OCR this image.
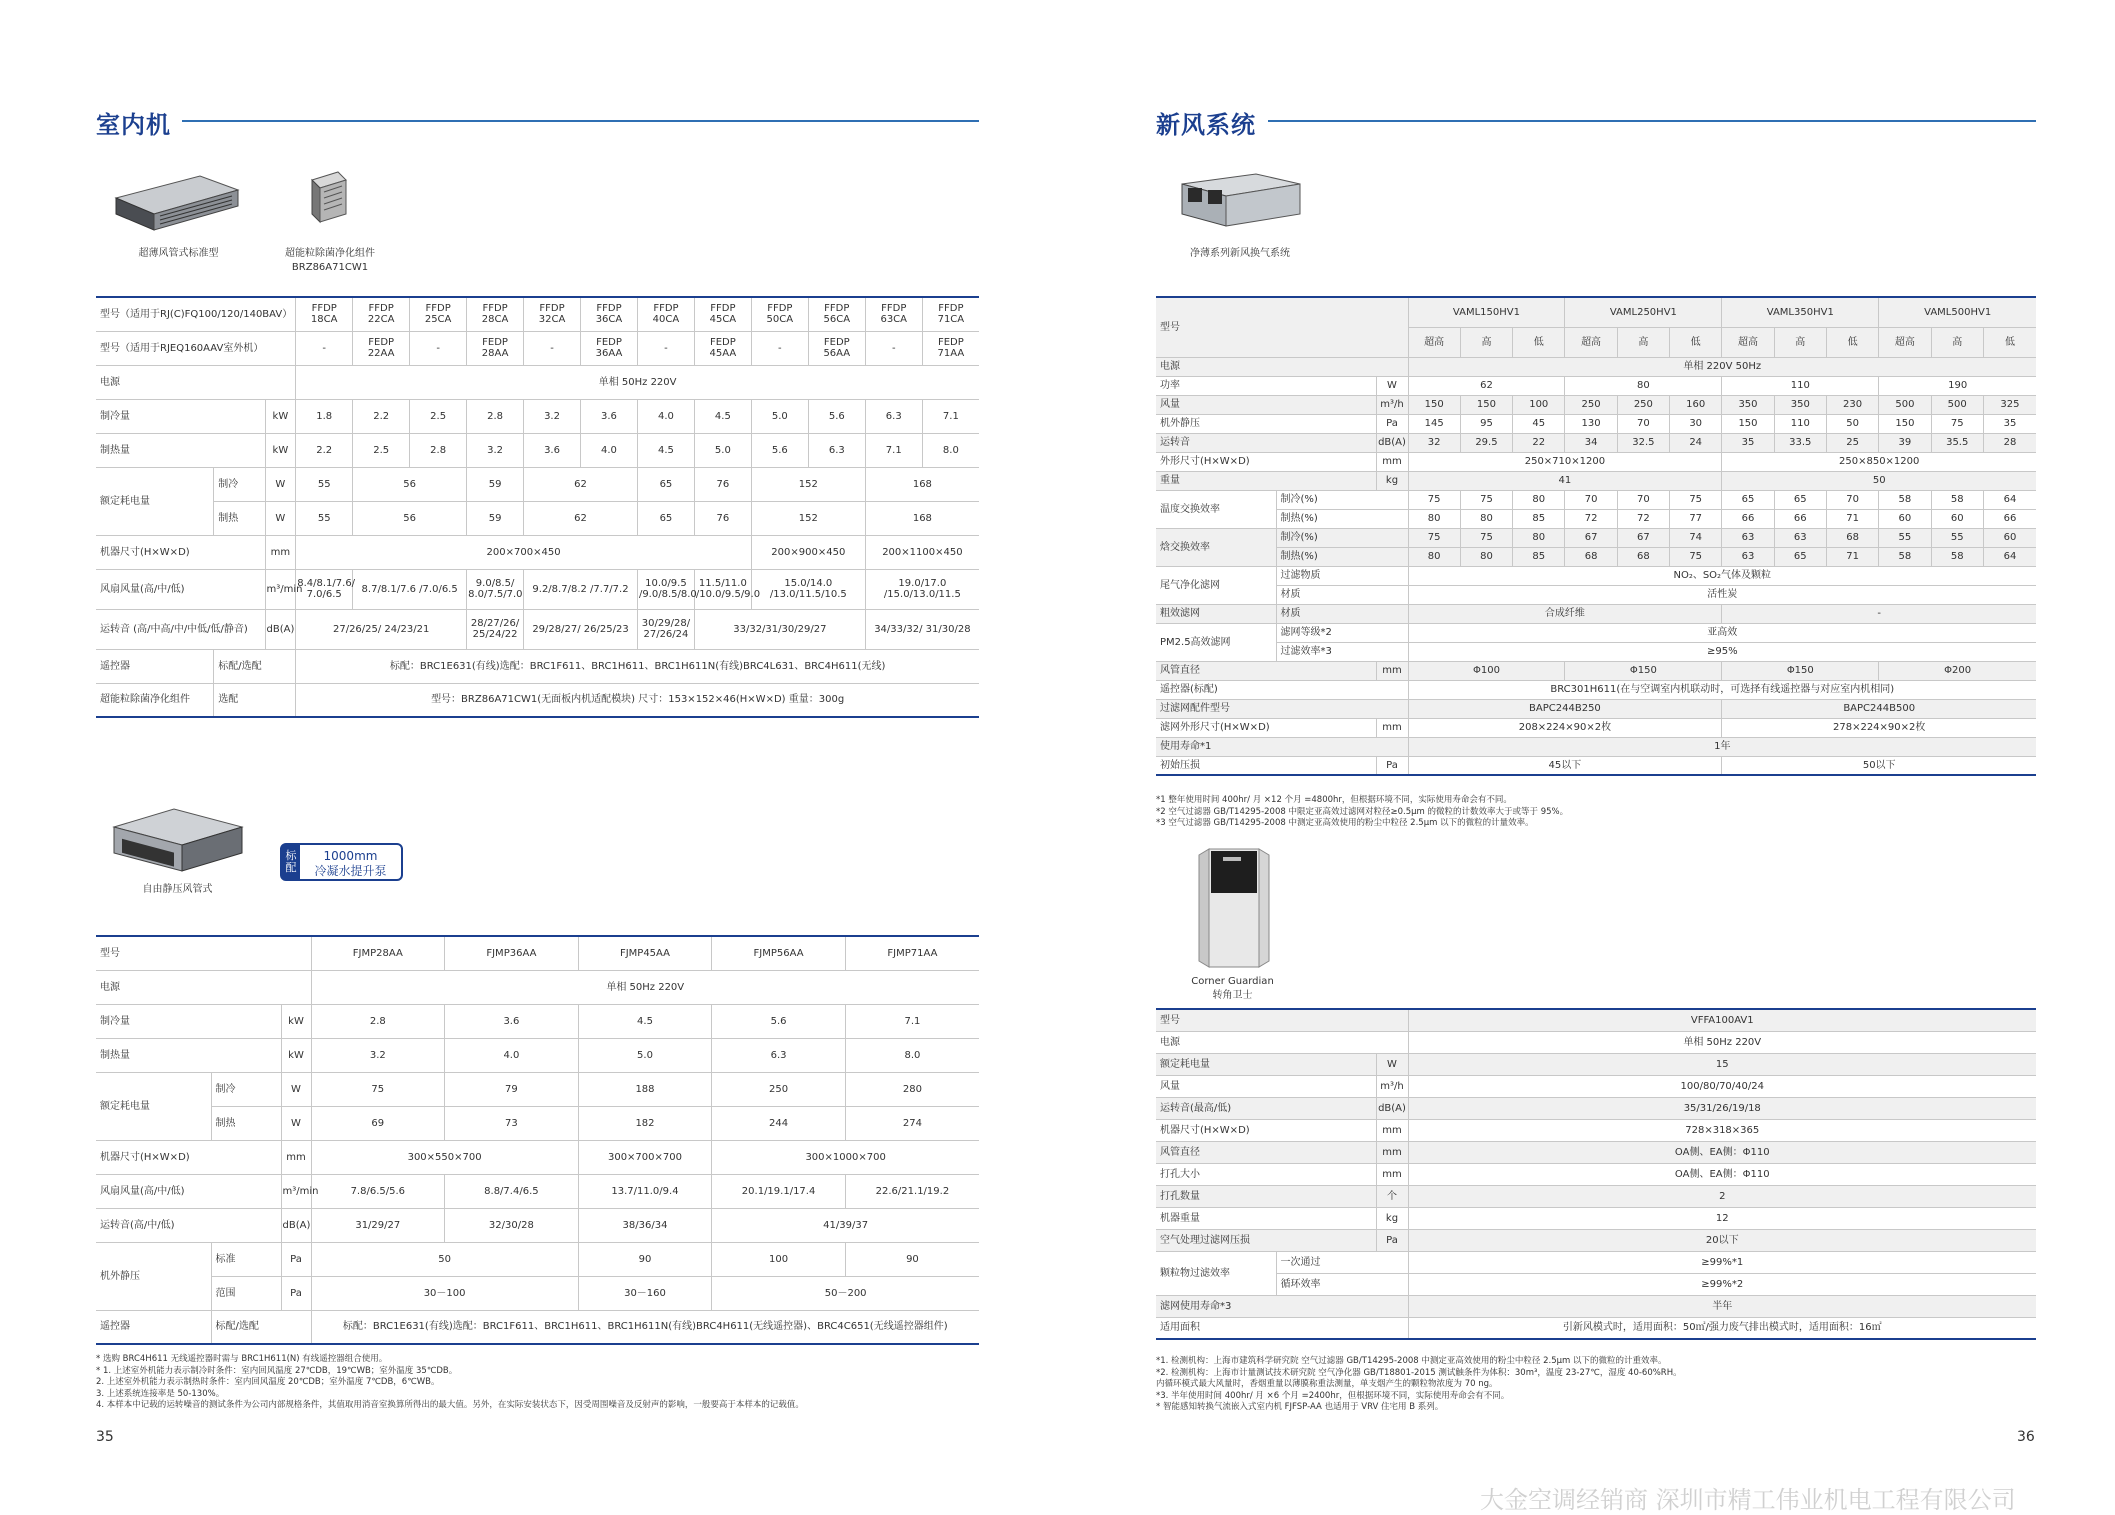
室内机
超薄风管式标准型	超能粒除菌净化组件
BRZ86A71CW1
型号（适用于RJ(C)FQ100/120/140BAV）			FFDP 18CA	FFDP 22CA	FFDP 25CA	FFDP 28CA	FFDP 32CA	FFDP 36CA	FFDP 40CA	FFDP 45CA	FFDP 50CA	FFDP 56CA	FFDP 63CA	FFDP 71CA
型号（适用于RJEQ160AAV室外机）			-	FEDP 22AA	-	FEDP 28AA	-	FEDP 36AA	-	FEDP 45AA	-	FEDP 56AA	-	FEDP 71AA
电源			单相 50Hz 220V											
制冷量		kW	1.8	2.2	2.5	2.8	3.2	3.6	4.0	4.5	5.0	5.6	6.3	7.1
制热量		kW	2.2	2.5	2.8	3.2	3.6	4.0	4.5	5.0	5.6	6.3	7.1	8.0
额定耗电量	制冷	W	55	56		59	62		65	76	152		168	
	制热	W	55	56		59	62		65	76	152		168	
机器尺寸(H×W×D)		mm	200×700×450								200×900×450		200×1100×450	
风扇风量(高/中/低)		m³/min	8.4/8.1/7.6/ 7.0/6.5	8.7/8.1/7.6 /7.0/6.5		9.0/8.5/ 8.0/7.5/7.0	9.2/8.7/8.2 /7.7/7.2		10.0/9.5 /9.0/8.5/8.0	11.5/11.0 /10.0/9.5/9.0	15.0/14.0 /13.0/11.5/10.5		19.0/17.0 /15.0/13.0/11.5	
运转音 (高/中高/中/中低/低/静音)		dB(A)	27/26/25/ 24/23/21			28/27/26/ 25/24/22	29/28/27/ 26/25/23		30/29/28/ 27/26/24	33/32/31/30/29/27			34/33/32/ 31/30/28	
遥控器	标配/选配		标配：BRC1E631(有线)选配：BRC1F611、BRC1H611、BRC1H611N(有线)BRC4L631、BRC4H611(无线)											
超能粒除菌净化组件	选配		型号：BRZ86A71CW1(无面板内机适配模块) 尺寸：153×152×46(H×W×D) 重量：300g											
自由静压风管式
标配
1000mm
冷凝水提升泵
型号			FJMP28AA	FJMP36AA	FJMP45AA	FJMP56AA	FJMP71AA
电源			单相 50Hz 220V				
制冷量		kW	2.8	3.6	4.5	5.6	7.1
制热量		kW	3.2	4.0	5.0	6.3	8.0
额定耗电量	制冷	W	75	79	188	250	280
	制热	W	69	73	182	244	274
机器尺寸(H×W×D)		mm	300×550×700		300×700×700	300×1000×700	
风扇风量(高/中/低)		m³/min	7.8/6.5/5.6	8.8/7.4/6.5	13.7/11.0/9.4	20.1/19.1/17.4	22.6/21.1/19.2
运转音(高/中/低)		dB(A)	31/29/27	32/30/28	38/36/34	41/39/37	
机外静压	标准	Pa	50		90	100	90
	范围	Pa	30－100		30－160	50－200	
遥控器	标配/选配		标配：BRC1E631(有线)选配：BRC1F611、BRC1H611、BRC1H611N(有线)BRC4H611(无线遥控器)、BRC4C651(无线遥控器组件)				
* 选购 BRC4H611 无线遥控器时需与 BRC1H611(N) 有线遥控器组合使用。
* 1. 上述室外机能力表示制冷时条件：室内回风温度 27℃DB，19℃WB；室外温度 35℃DB。
2. 上述室外机能力表示制热时条件：室内回风温度 20℃DB；室外温度 7℃DB，6℃WB。
3. 上述系统连接率是 50-130%。
4. 本样本中记载的运转噪音的测试条件为公司内部规格条件，其值取用消音室换算所得出的最大值。另外，在实际安装状态下，因受周围噪音及反射声的影响，一般要高于本样本的记载值。
35
新风系统
净薄系列新风换气系统
型号			VAML150HV1			VAML250HV1			VAML350HV1			VAML500HV1		
			超高	高	低	超高	高	低	超高	高	低	超高	高	低
电源			单相 220V 50Hz											
功率		W	62			80			110			190		
风量		m³/h	150	150	100	250	250	160	350	350	230	500	500	325
机外静压		Pa	145	95	45	130	70	30	150	110	50	150	75	35
运转音		dB(A)	32	29.5	22	34	32.5	24	35	33.5	25	39	35.5	28
外形尺寸(H×W×D)		mm	250×710×1200						250×850×1200					
重量		kg	41						50					
温度交换效率	制冷(%)		75	75	80	70	70	75	65	65	70	58	58	64
	制热(%)		80	80	85	72	72	77	66	66	71	60	60	66
焓交换效率	制冷(%)		75	75	80	67	67	74	63	63	68	55	55	60
	制热(%)		80	80	85	68	68	75	63	65	71	58	58	64
尾气净化滤网	过滤物质		NO₂、SO₂气体及颗粒											
	材质		活性炭											
粗效滤网	材质		合成纤维						-					
PM2.5高效滤网	滤网等级*2		亚高效											
	过滤效率*3		≥95%											
风管直径		mm	Φ100			Φ150			Φ150			Φ200		
遥控器(标配)			BRC301H611(在与空调室内机联动时，可选择有线遥控器与对应室内机相同)											
过滤网配件型号			BAPC244B250						BAPC244B500					
滤网外形尺寸(H×W×D)		mm	208×224×90×2枚						278×224×90×2枚					
使用寿命*1			1年											
初始压损		Pa	45以下						50以下					
*1 整年使用时间 400hr/ 月 ×12 个月 =4800hr，但根据环境不同，实际使用寿命会有不同。
*2 空气过滤器 GB/T14295-2008 中限定亚高效过滤网对粒径≥0.5μm 的微粒的计数效率大于或等于 95%。
*3 空气过滤器 GB/T14295-2008 中测定亚高效使用的粉尘中粒径 2.5μm 以下的微粒的计量效率。
Corner Guardian
转角卫士
型号			VFFA100AV1
电源			单相 50Hz 220V
额定耗电量		W	15
风量		m³/h	100/80/70/40/24
运转音(最高/低)		dB(A)	35/31/26/19/18
机器尺寸(H×W×D)		mm	728×318×365
风管直径		mm	OA侧、EA侧：Φ110
打孔大小		mm	OA侧、EA侧：Φ110
打孔数量		个	2
机器重量		kg	12
空气处理过滤网压损		Pa	20以下
颗粒物过滤效率	一次通过		≥99%*1
	循环效率		≥99%*2
滤网使用寿命*3			半年
适用面积			引新风模式时，适用面积：50㎡/强力废气排出模式时，适用面积：16㎡
*1. 检测机构：上海市建筑科学研究院 空气过滤器 GB/T14295-2008 中测定亚高效使用的粉尘中粒径 2.5μm 以下的微粒的计重效率。
*2. 检测机构：上海市计量测试技术研究院 空气净化器 GB/T18801-2015 测试触条件为体积：30m³，温度 23-27℃，湿度 40-60%RH。
内循环模式最大风量时，香烟重量以薄膜称重法测量，单支烟产生的颗粒物浓度为 70 ng。
*3. 半年使用时间 400hr/ 月 ×6 个月 =2400hr，但根据环境不同，实际使用寿命会有不同。
* 智能感知转换气流嵌入式室内机 FJFSP-AA 也适用于 VRV 住宅用 B 系列。
36
大金空调经销商 深圳市精工伟业机电工程有限公司
